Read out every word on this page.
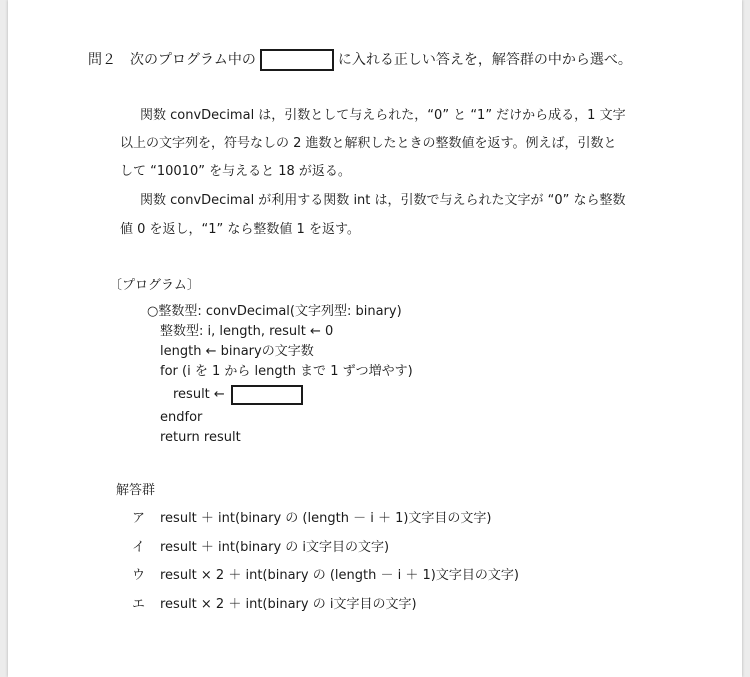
問２ 次のプログラム中の	に入れる正しい答えを，解答群の中から選べ。
関数 convDecimal は，引数として与えられた，“0” と “1” だけから成る，1 文字
以上の文字列を，符号なしの 2 進数と解釈したときの整数値を返す。例えば，引数と
して “10010” を与えると 18 が返る。
関数 convDecimal が利用する関数 int は，引数で与えられた文字が “0” なら整数
値 0 を返し，“1” なら整数値 1 を返す。
〔プログラム〕
○整数型: convDecimal(文字列型: binary)
整数型: i, length, result ← 0
length ← binaryの文字数
for (i を 1 から length まで 1 ずつ増やす)
result ←
endfor
return result
解答群
ア result ＋ int(binary の (length － i ＋ 1)文字目の文字)
イ result ＋ int(binary の i文字目の文字)
ウ result × 2 ＋ int(binary の (length － i ＋ 1)文字目の文字)
エ result × 2 ＋ int(binary の i文字目の文字)
